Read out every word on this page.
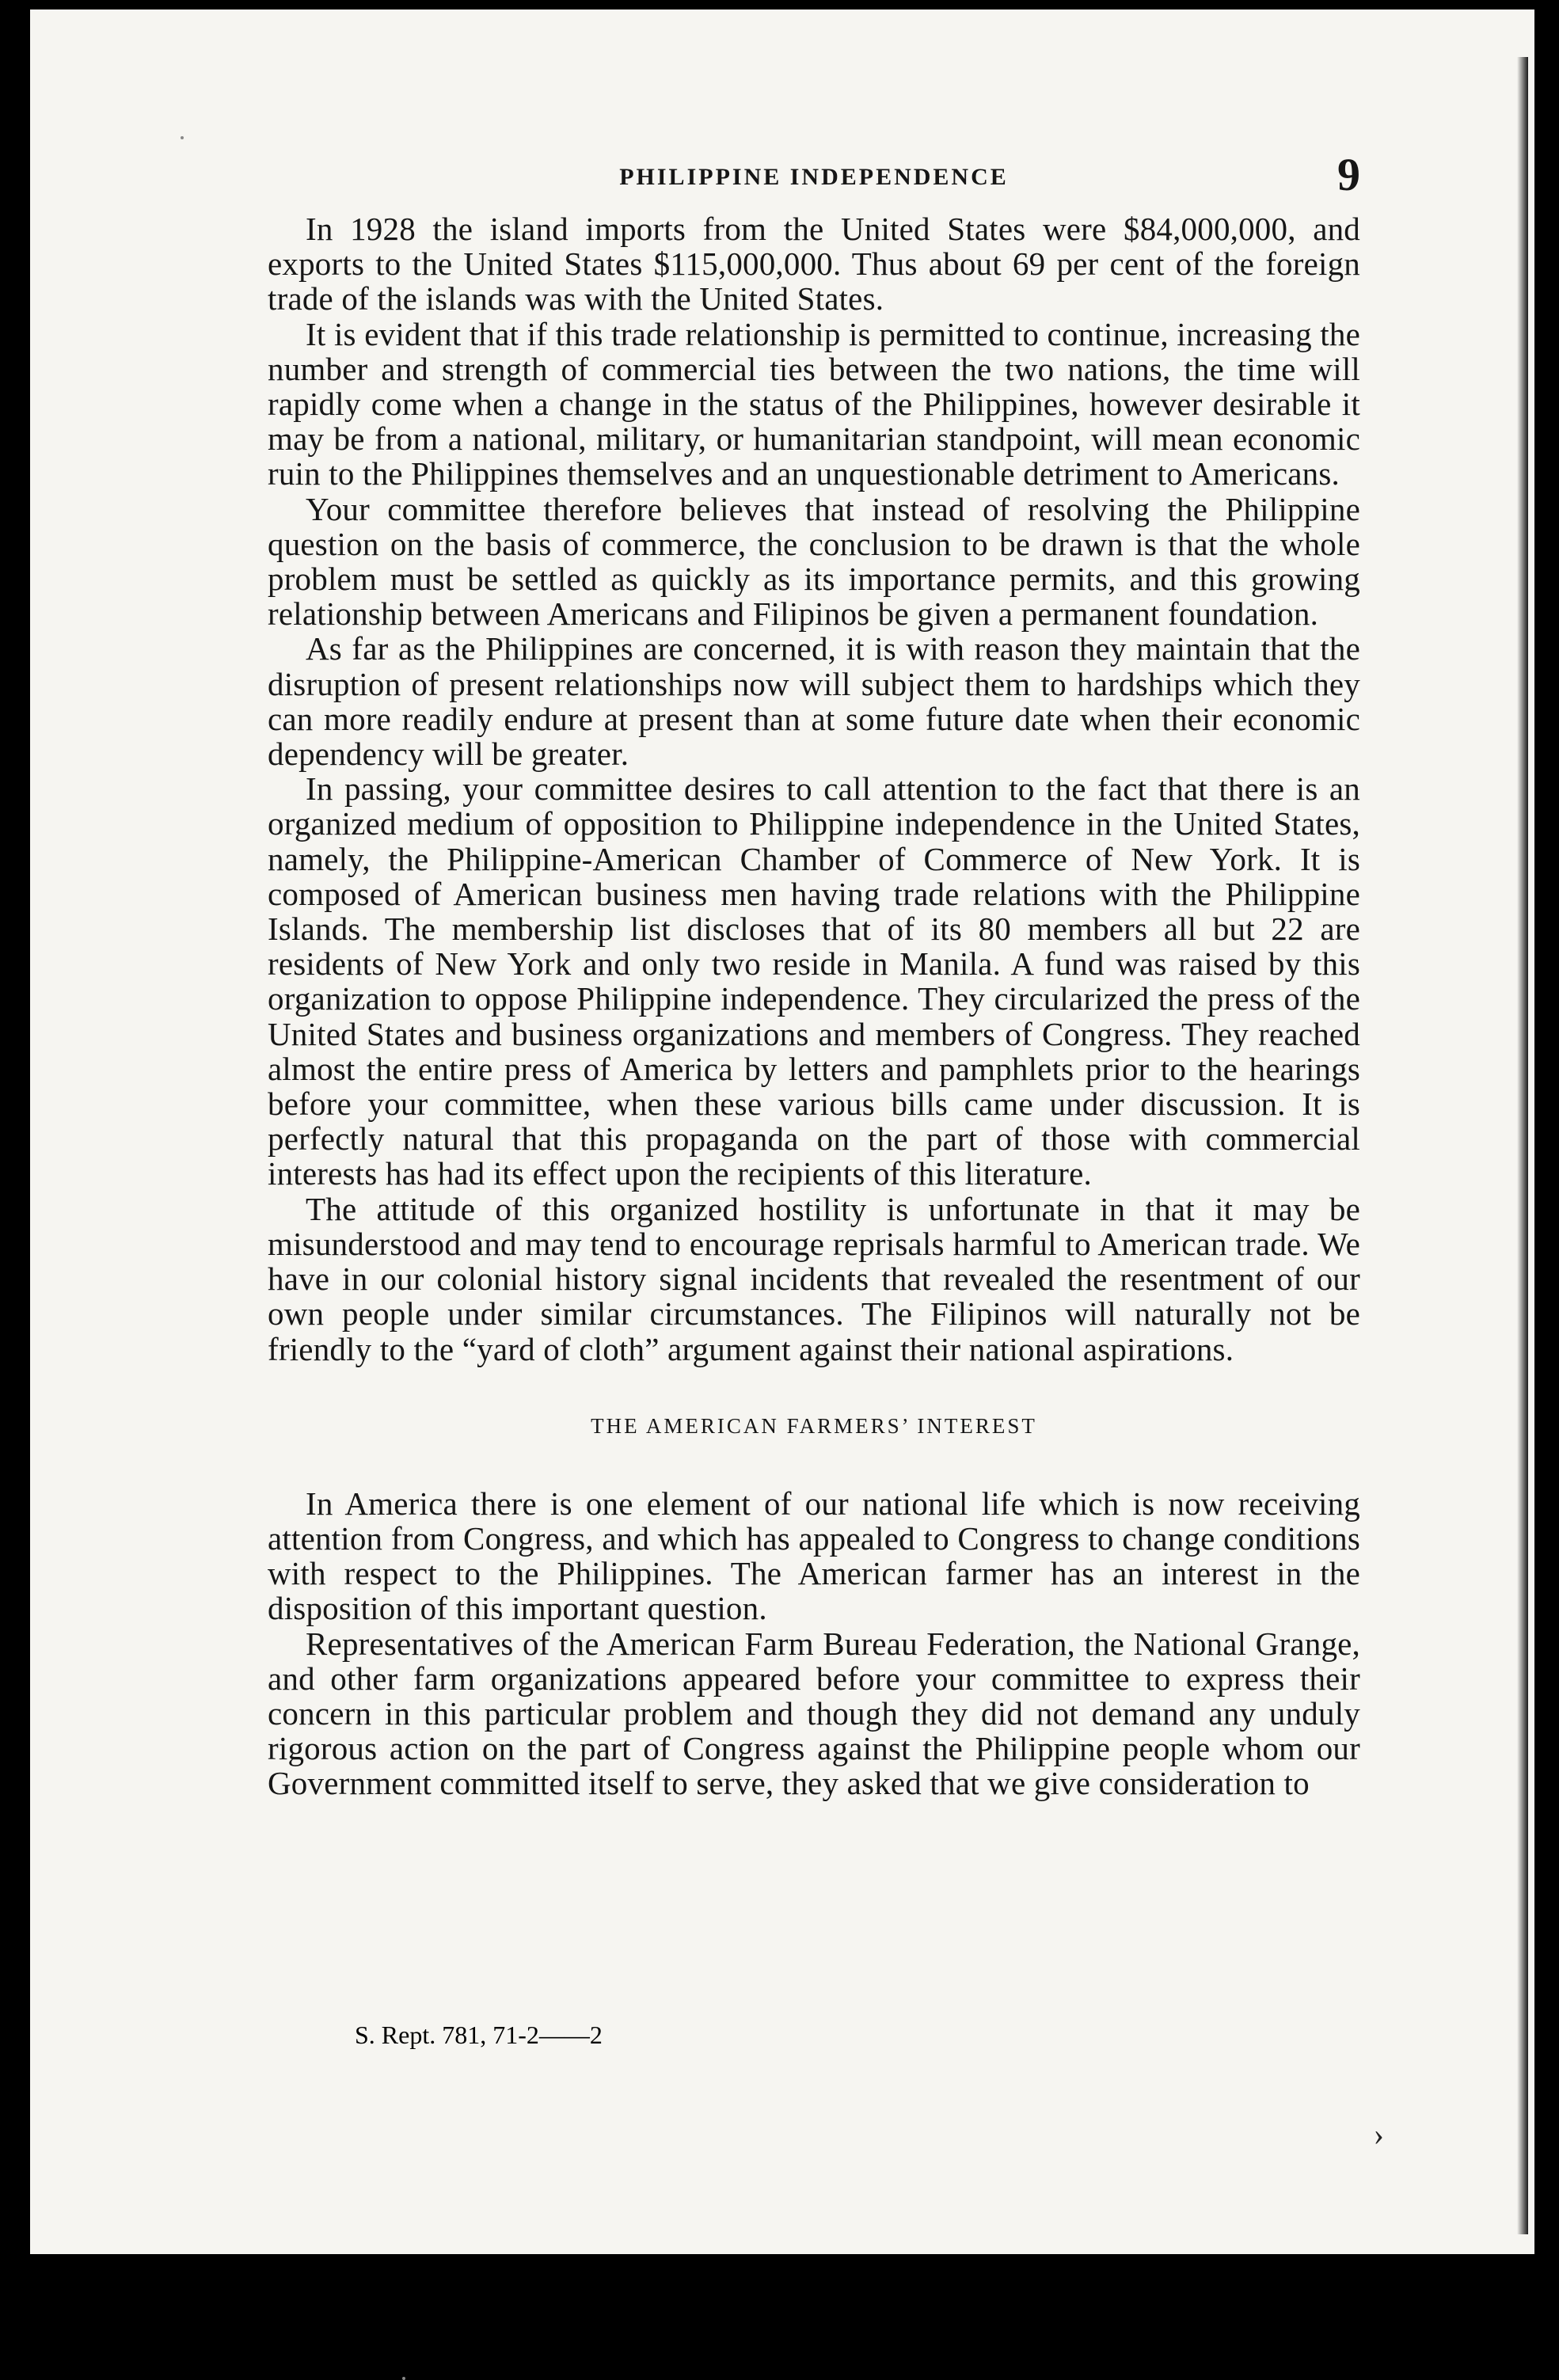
PHILIPPINE INDEPENDENCE	9

In 1928 the island imports from the United States were $84,000,000, and exports to the United States $115,000,000. Thus about 69 per cent of the foreign trade of the islands was with the United States.

It is evident that if this trade relationship is permitted to continue, increasing the number and strength of commercial ties between the two nations, the time will rapidly come when a change in the status of the Philippines, however desirable it may be from a national, military, or humanitarian standpoint, will mean economic ruin to the Philippines themselves and an unquestionable detriment to Americans.

Your committee therefore believes that instead of resolving the Philippine question on the basis of commerce, the conclusion to be drawn is that the whole problem must be settled as quickly as its importance permits, and this growing relationship between Americans and Filipinos be given a permanent foundation.

As far as the Philippines are concerned, it is with reason they maintain that the disruption of present relationships now will subject them to hardships which they can more readily endure at present than at some future date when their economic dependency will be greater.

In passing, your committee desires to call attention to the fact that there is an organized medium of opposition to Philippine independence in the United States, namely, the Philippine-American Chamber of Commerce of New York. It is composed of American business men having trade relations with the Philippine Islands. The membership list discloses that of its 80 members all but 22 are residents of New York and only two reside in Manila. A fund was raised by this organization to oppose Philippine independence. They circularized the press of the United States and business organizations and members of Congress. They reached almost the entire press of America by letters and pamphlets prior to the hearings before your committee, when these various bills came under discussion. It is perfectly natural that this propaganda on the part of those with commercial interests has had its effect upon the recipients of this literature.

The attitude of this organized hostility is unfortunate in that it may be misunderstood and may tend to encourage reprisals harmful to American trade. We have in our colonial history signal incidents that revealed the resentment of our own people under similar circumstances. The Filipinos will naturally not be friendly to the “yard of cloth” argument against their national aspirations.

THE AMERICAN FARMERS’ INTEREST

In America there is one element of our national life which is now receiving attention from Congress, and which has appealed to Congress to change conditions with respect to the Philippines. The American farmer has an interest in the disposition of this important question.

Representatives of the American Farm Bureau Federation, the National Grange, and other farm organizations appeared before your committee to express their concern in this particular problem and though they did not demand any unduly rigorous action on the part of Congress against the Philippine people whom our Government committed itself to serve, they asked that we give consideration to

S. Rept. 781, 71-2——2
›
